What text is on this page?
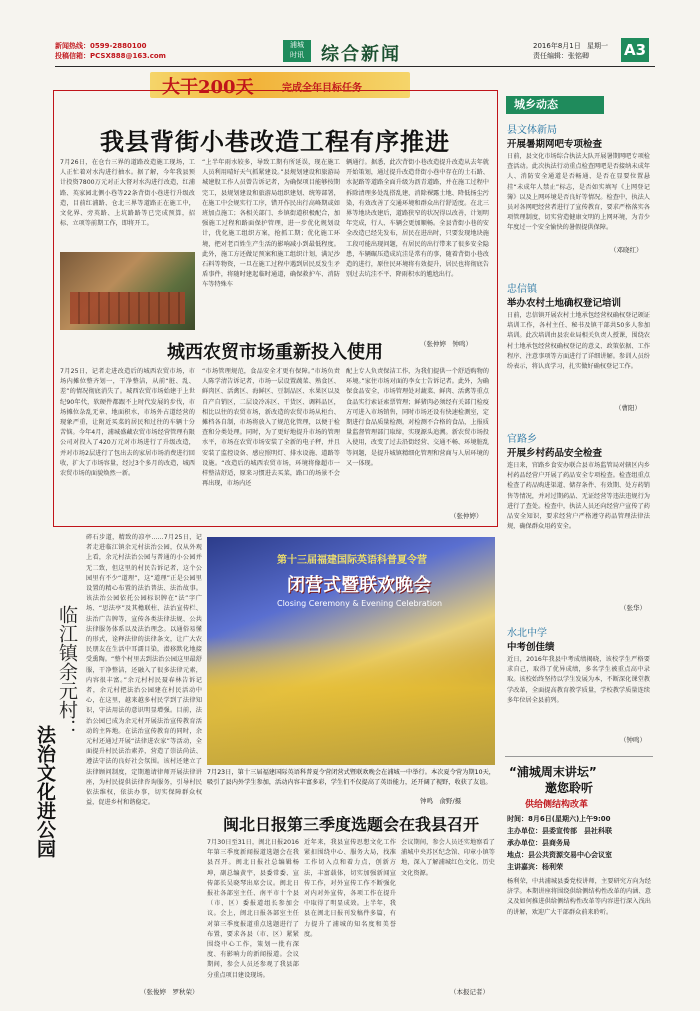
新闻热线：0599-2880100
投稿信箱：PCSX888@163.com
浦城
时讯 综合新闻	2016年8月1日 星期一
责任编辑：张铭卿 A3
大干200天	完成全年目标任务
我县背街小巷改造工程有序推进
7月26日，在仓台三界的道路改造施工现场，工人正忙着对水沟进行抽水。据了解，今年我县预计投资7800万元对正大督对水沟进行改造，红浦路、英家园北侧小巷等22条背街小巷进行升级改造，目前红浦路、仓北三界等道路正在施工中，文化界、旁英路、上坑路路等已完成预算，招标、立项等前期工作，即将开工。
“上半年雨水较多，导致工期有所延误，现在施工人员利用晴好天气抓紧建设。”县规划建设和旅游局城建股工作人员曾告诉记者，为确保项目能够按期完工，县规划建设和旅游局组织建划、统筹部署，在施工中会规实行工序，错开作民出行高峰期或如班加点施工；各相关部门、乡镇街道积极配合，加强施工过程和路面保护管理，进一步优化规划设计，优化施工组织方案，抢抓工期；优化施工环境，把对老百姓生产生活的影响减小到最低程度。此外，施工方还做足预案和施工组织计划，满足沙石料等物资，一旦在施工过程中遇到居民反发生矛盾事件，将随时建起临时通道，确保救护车、消防车等特殊车
辆通行。据悉，此次背街小巷改造提升改造从去年就开始策划，通过提升改造背街小巷中存在的土石路、水泥路等道路全面升级为沥青道路，并在施工过程中拆除清理多处乱搭乱建，消除裸露土地、降低扬尘污染，有效改善了交通环境和群众出行舒适度。在北三界等地块改建后，道路狭窄的状况得以改善，计划明年完成，行人、车辆会更加顺畅。全县背街小巷的安全改造已经先发布，居民在进出时，只要发现地块施工段可能出现问题，有居民的出行带来了很多安全隐患，车辆碾压造成坑洼是常有的事，随着背街小巷改造的进行，原住民环境将有效提升，居民也将彻底告别过去坑洼不平、降雨积水的尴尬出行。
（张仲婷　钟鸣）
城西农贸市场重新投入使用
7月25日，记者走进改造后的城西农贸市场，市场内摊位整齐划一，干净整洁，从前“脏、乱、差”的情况彻底消失了。城西农贸市场始建于上世纪90年代，软硬件都跟不上时代发展的步伐，市场摊位杂乱无章、地面积水，市场外占道经营的现象严重，让附近买菜的居民和过往的车辆十分苦恼。今年4月，浦城盛藏农贸市场经营管理有限公司对投入了420万元对市场进行了升级改造，并对市场2层进行了包出去的家居市场消费进行回收，扩大了市场容量，经过3个多月的改造，城西农贸市场的面貌焕然一新。
“市场管理规范，食品安全才更有保障。”市场负责人陈学清告诉记者，市场一层设置蔬菜、熟食区、鲜肉区、活禽区、海鲜区、豆制品区、水果区以及自产自销区，二层设冷冻区、干货区、调料品区，相比以往的农贸市场，新改造的农贸市场从柜台、摊档各自制，市场将放入了规范化管理，以便于检查和分类处理。同时，为了更好地提升市场的管理水平，市场在农贸市场安装了全新的电子秤，并且安装了监控设备、感应照明灯、排水设施、道路等设施。“改造后的城西农贸市场，环境将像超市一样整洁舒适，原来习惯进去买菜，路口的场景不会再出现，市场内还
配上专人负责保洁工作，为我们提供一个舒适购物的环境。”家住市场对面的李女士告诉记者。此外，为确保食品安全，市场管理处对蔬菜、鲜肉、活禽等重点食品实行索证索票管理；鲜猪肉必须经有关部门检疫方可进入市场销售，同时市场还设有快速检测室，定期进行食品质量检测，对检测不合格的食品，上报质量监督管理部门取缔，实现源头追溯。新农贸市场投入使用，改变了过去沿街经营、交通不畅、环境脏乱等问题，是提升城镇精细化管理和营商与人居环境的又一体现。
（张仲婷）
临江镇余元村：
法治文化进公园
碎石步道，精致的凉亭……7月25日，记者走进临江镇余元村法治公园，仅从外观上看，余元村法治公园与普通的小公园并无二致，但这里的村民告诉记者，这个公园里有不少“道理”，这“道理”正是公园里设置的精心布置的法治普法、法治故事。该法治公园依托公园标识牌在“法”字广场、“思法亭”及其檐联柱、法治宣传栏、法治广告牌等，宣传各类法律法规、公共法律服务体系以及法治理念。以通俗易懂的形式，诠释法律的法律条文，让广大农民朋友在生活中耳濡目染，潜移默化地接受熏陶。“整个村里去到法治公园这里最舒服，干净整洁，还融入了很多法律元素，内容很丰富。”余元村村民聂春林告诉记者，余元村把法治公园建在村民活动中心，在这里，越来越多村民学到了法律知识，守法用法的意识明显增强。目前，法治公园已成为余元村开展法治宣传教育活动的主阵地。在法治宣传教育的同时，余元村还通过开展“法律进农家”等活动，全面提升村民法治素养，营造了崇法尚法、遵法守法的良好社会氛围。该村还建立了法律顾问制度，定期邀请律师开展法律讲座，为村民提供法律咨询服务，引导村民依法维权，依法办事，切实保障群众权益，促进乡村和谐稳定。
（张俊婷　罗秋荣）
第十三届福建国际英语科普夏令营
闭营式暨联欢晚会
Closing Ceremony & Evening Celebration
7月23日，第十三届福建国际英语科普夏令营闭营式暨联欢晚会在浦城一中举行。本次夏令营为期10天，吸引了县内外学生参加，活动内容丰富多彩，学生们不仅提高了英语能力，还开阔了视野，收获了友谊。
钟鸣　俞野/摄
闽北日报第三季度选题会在我县召开
7月30日至31日，闽北日报2016年第三季度新闻报道选题会在我县召开。闽北日报社总编辑杨坤，副总编黄宇，县委常委、宣传部长吴晓琴出席会议。闽北日报社各部室主任、南平市十个县（市、区）委报道组长参加会议。会上，闽北日报各部室主任对第三季度报道重点选题进行了布置，要求各县（市、区）紧紧围绕中心工作，策划一批有深度、有影响力的新闻报道。会议期间，参会人员还参观了我县部分重点项目建设现场。
近年来，我县宣传思想文化工作紧扣围绕中心、服务大局，找准工作切入点和着力点，创新方法，丰富载体，切实加强新闻宣传工作，对外宣传工作不断强化对内对外宣传，各项工作在提升中取得了明显成效。上半年，我县在闽北日报刊发稿件多篇，有力提升了浦城的知名度和美誉度。
会议期间，参会人员还实地察看了浦城中央苏区纪念馆、印章小镇等地，深入了解浦城红色文化、历史文化资源。
（本报记者）
城乡动态
县文体新局
开展暑期网吧专项检查
日前，县文化市场综合执法大队开展暑期网吧专项检查活动。此次执法行动重点检查网吧是否接纳未成年人、消防安全通道是否畅通、是否在显要位置悬挂“未成年人禁止”标志，是否如实填写《上网登记簿》以及上网环境是否良好等情况。检查中，执法人员对各网吧经营者进行了宣传教育，要求严格落实各项管理制度，切实营造健康文明的上网环境，为青少年度过一个安全愉快的暑假提供保障。
（邓晓红）
忠信镇
举办农村土地确权登记培训
日前，忠信镇开展农村土地承包经营权确权登记颁证培训工作，各村主任、秘书及镇干部共50多人参加培训。此次培训由县农业局相关负责人授课，围绕农村土地承包经营权确权登记的意义、政策依据、工作程序、注意事项等方面进行了详细讲解。参训人员纷纷表示，将认真学习，扎实做好确权登记工作。
（曹阳）
官路乡
开展乡村药品安全检查
连日来，官路乡食安办联合县市场监管局对辖区内乡村药品经营户开展了药品安全专项检查。检查组重点检查了药品购进渠道、储存条件、有效期、处方药销售等情况，并对过期药品、无证经营等违法违规行为进行了查处。检查中，执法人员还向经营户宣传了药品安全知识，要求经营户严格遵守药品管理法律法规，确保群众用药安全。
（张华）
水北中学
中考创佳绩
近日，2016年我县中考成绩揭晓，该校学生严格要求自己，取得了优异成绩，多名学生被重点高中录取。该校始终坚持以学生发展为本，不断深化课堂教学改革，全面提高教育教学质量，学校教学质量连续多年位居全县前列。
（钟鸣）
“浦城周末讲坛”
邀您聆听
供给侧结构改革
时间：8月6日(星期六)上午9:00
主办单位：县委宣传部　县社科联
承办单位：县商务局
地点：县公共资源交易中心会议室
主讲嘉宾：杨利荣
杨利荣，中共浦城县委党校讲师，主要研究方向为经济学。本期讲座将围绕供给侧结构性改革的内涵、意义及如何推进供给侧结构性改革等内容进行深入浅出的讲解，欢迎广大干部群众前来聆听。
